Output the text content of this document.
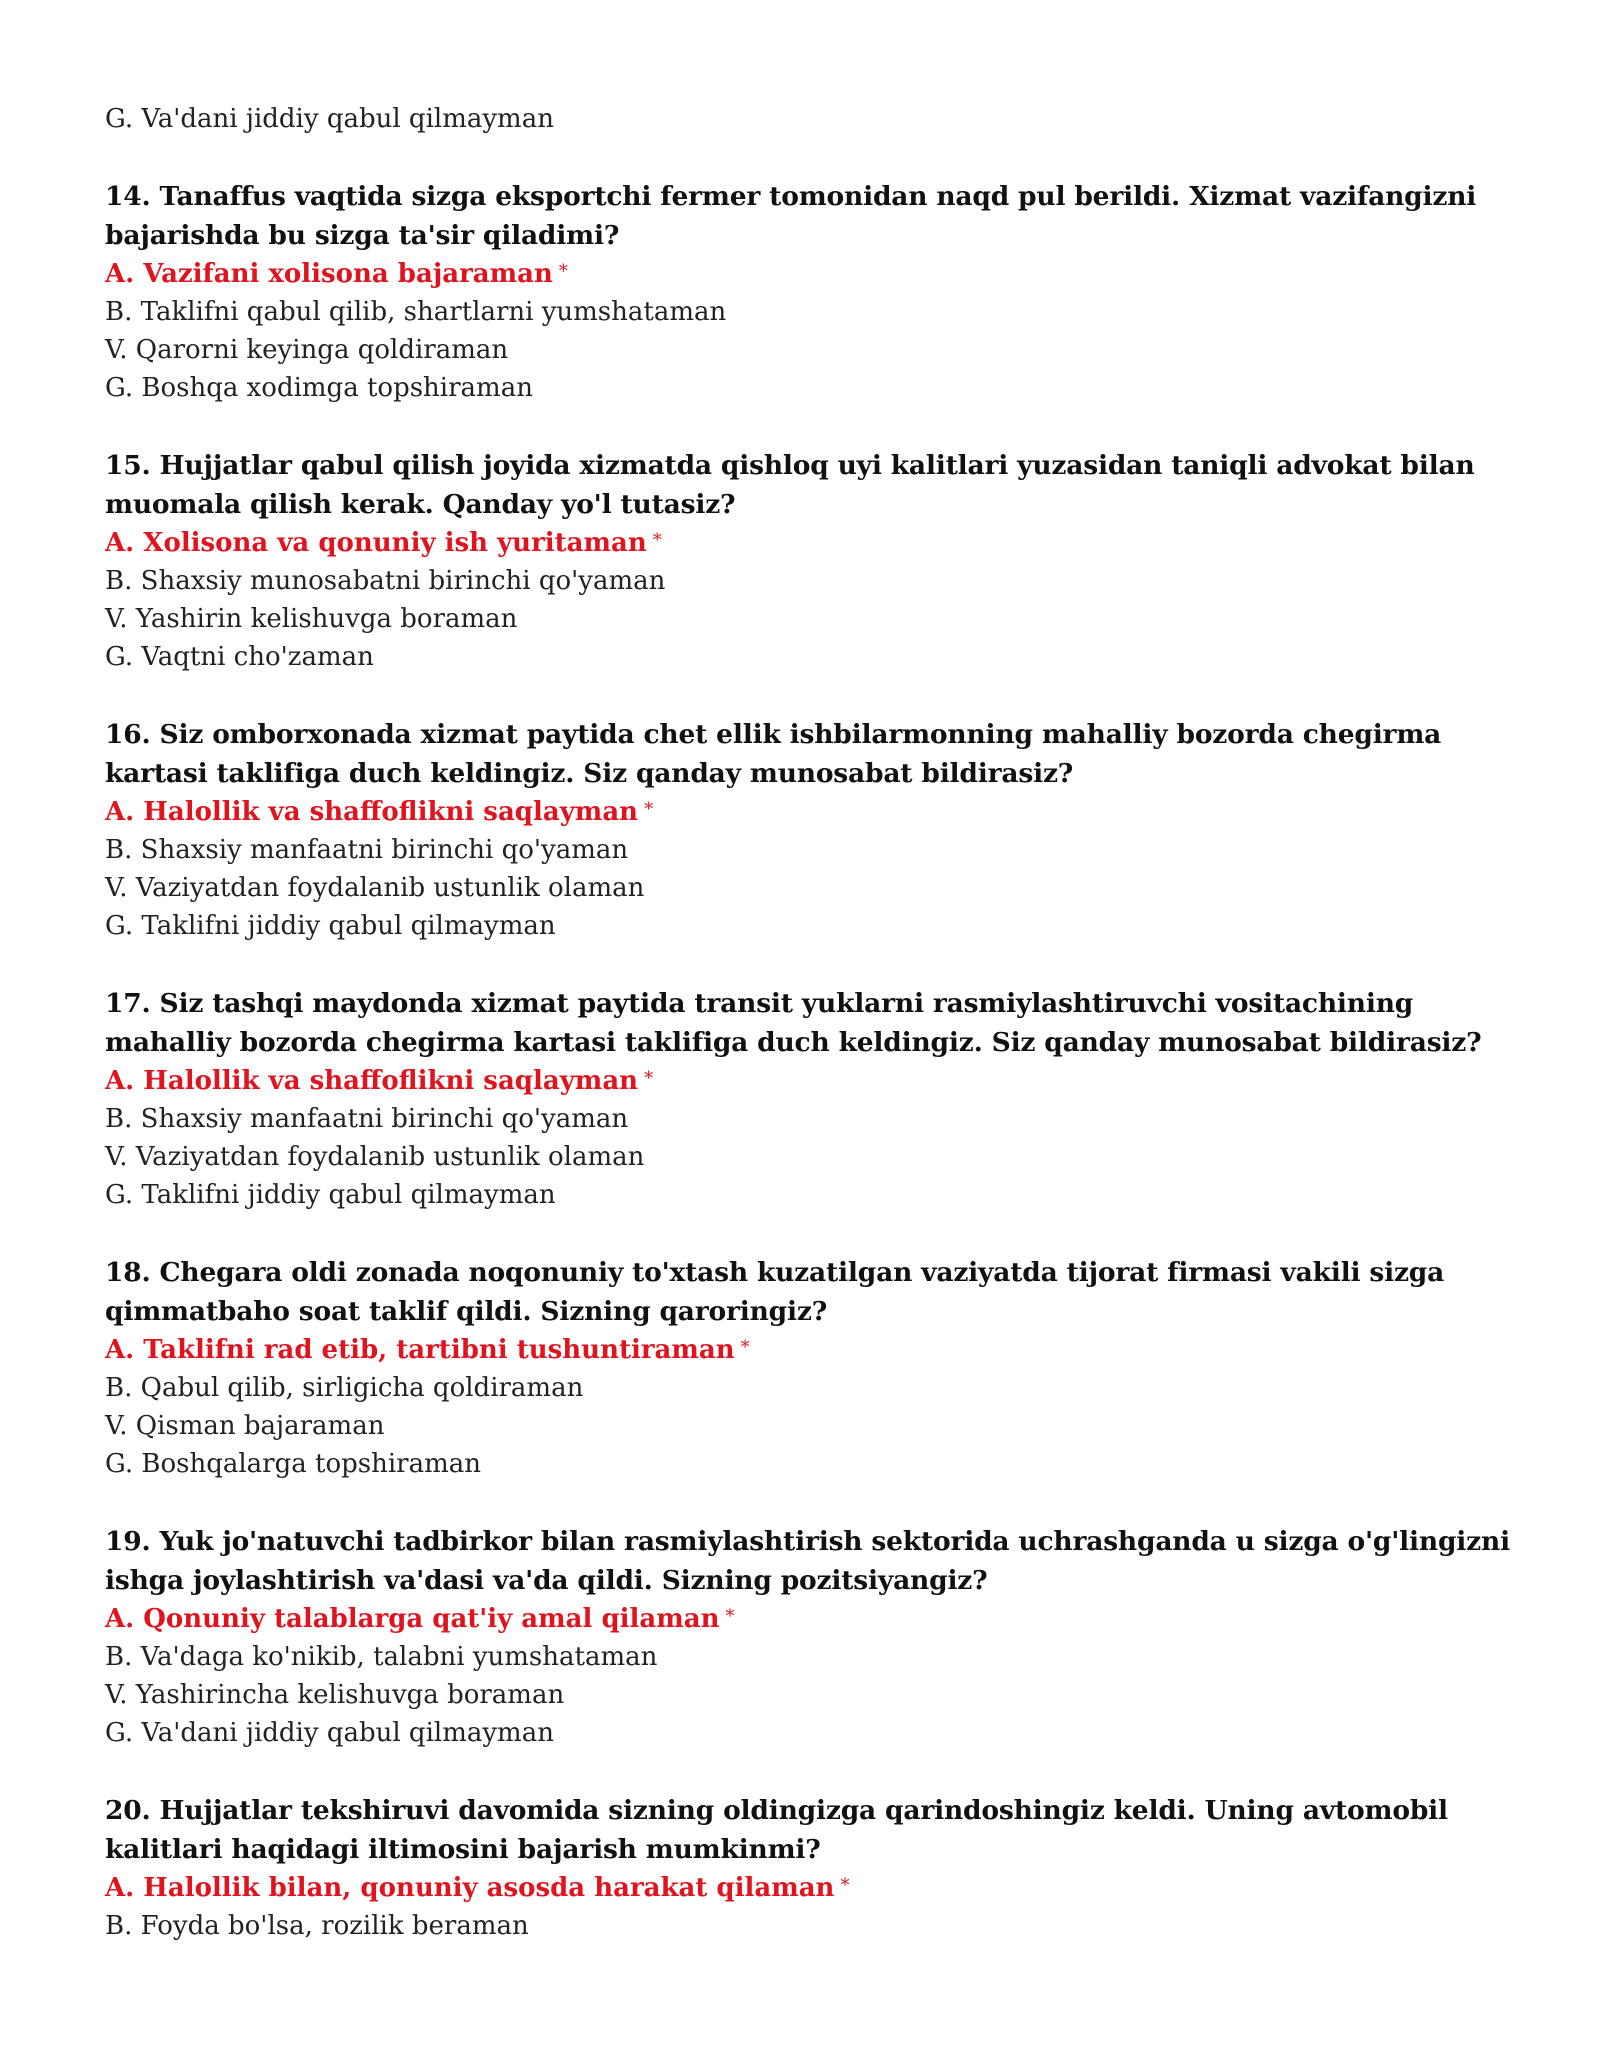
G. Va'dani jiddiy qabul qilmayman

14. Tanaffus vaqtida sizga eksportchi fermer tomonidan naqd pul berildi. Xizmat vazifangizni bajarishda bu sizga ta'sir qiladimi?

A. Vazifani xolisona bajaraman *

B. Taklifni qabul qilib, shartlarni yumshataman

V. Qarorni keyinga qoldiraman

G. Boshqa xodimga topshiraman

15. Hujjatlar qabul qilish joyida xizmatda qishloq uyi kalitlari yuzasidan taniqli advokat bilan muomala qilish kerak. Qanday yo'l tutasiz?

A. Xolisona va qonuniy ish yuritaman *

B. Shaxsiy munosabatni birinchi qo'yaman

V. Yashirin kelishuvga boraman

G. Vaqtni cho'zaman

16. Siz omborxonada xizmat paytida chet ellik ishbilarmonning mahalliy bozorda chegirma kartasi taklifiga duch keldingiz. Siz qanday munosabat bildirasiz?

A. Halollik va shaffoflikni saqlayman *

B. Shaxsiy manfaatni birinchi qo'yaman

V. Vaziyatdan foydalanib ustunlik olaman

G. Taklifni jiddiy qabul qilmayman

17. Siz tashqi maydonda xizmat paytida transit yuklarni rasmiylashtiruvchi vositachining mahalliy bozorda chegirma kartasi taklifiga duch keldingiz. Siz qanday munosabat bildirasiz?

A. Halollik va shaffoflikni saqlayman *

B. Shaxsiy manfaatni birinchi qo'yaman

V. Vaziyatdan foydalanib ustunlik olaman

G. Taklifni jiddiy qabul qilmayman

18. Chegara oldi zonada noqonuniy to'xtash kuzatilgan vaziyatda tijorat firmasi vakili sizga qimmatbaho soat taklif qildi. Sizning qaroringiz?

A. Taklifni rad etib, tartibni tushuntiraman *

B. Qabul qilib, sirligicha qoldiraman

V. Qisman bajaraman

G. Boshqalarga topshiraman

19. Yuk jo'natuvchi tadbirkor bilan rasmiylashtirish sektorida uchrashganda u sizga o'g'lingizni ishga joylashtirish va'dasi va'da qildi. Sizning pozitsiyangiz?

A. Qonuniy talablarga qat'iy amal qilaman *

B. Va'daga ko'nikib, talabni yumshataman

V. Yashirincha kelishuvga boraman

G. Va'dani jiddiy qabul qilmayman

20. Hujjatlar tekshiruvi davomida sizning oldingizga qarindoshingiz keldi. Uning avtomobil kalitlari haqidagi iltimosini bajarish mumkinmi?

A. Halollik bilan, qonuniy asosda harakat qilaman *

B. Foyda bo'lsa, rozilik beraman
